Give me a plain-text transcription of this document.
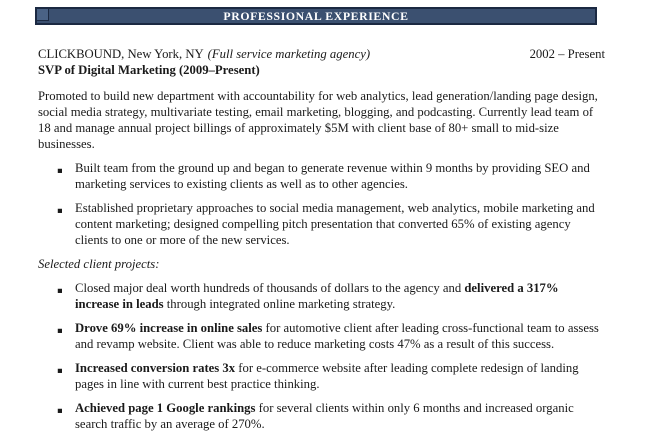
PROFESSIONAL EXPERIENCE
CLICKBOUND, New York, NY (Full service marketing agency)	2002 – Present
SVP of Digital Marketing (2009–Present)

Promoted to build new department with accountability for web analytics, lead generation/landing page design, social media strategy, multivariate testing, email marketing, blogging, and podcasting. Currently lead team of 18 and manage annual project billings of approximately $5M with client base of 80+ small to mid-size businesses.

▪ Built team from the ground up and began to generate revenue within 9 months by providing SEO and marketing services to existing clients as well as to other agencies.
▪ Established proprietary approaches to social media management, web analytics, mobile marketing and content marketing; designed compelling pitch presentation that converted 65% of existing agency clients to one or more of the new services.
Selected client projects:
▪ Closed major deal worth hundreds of thousands of dollars to the agency and delivered a 317% increase in leads through integrated online marketing strategy.
▪ Drove 69% increase in online sales for automotive client after leading cross-functional team to assess and revamp website. Client was able to reduce marketing costs 47% as a result of this success.
▪ Increased conversion rates 3x for e-commerce website after leading complete redesign of landing pages in line with current best practice thinking.
▪ Achieved page 1 Google rankings for several clients within only 6 months and increased organic search traffic by an average of 270%.
